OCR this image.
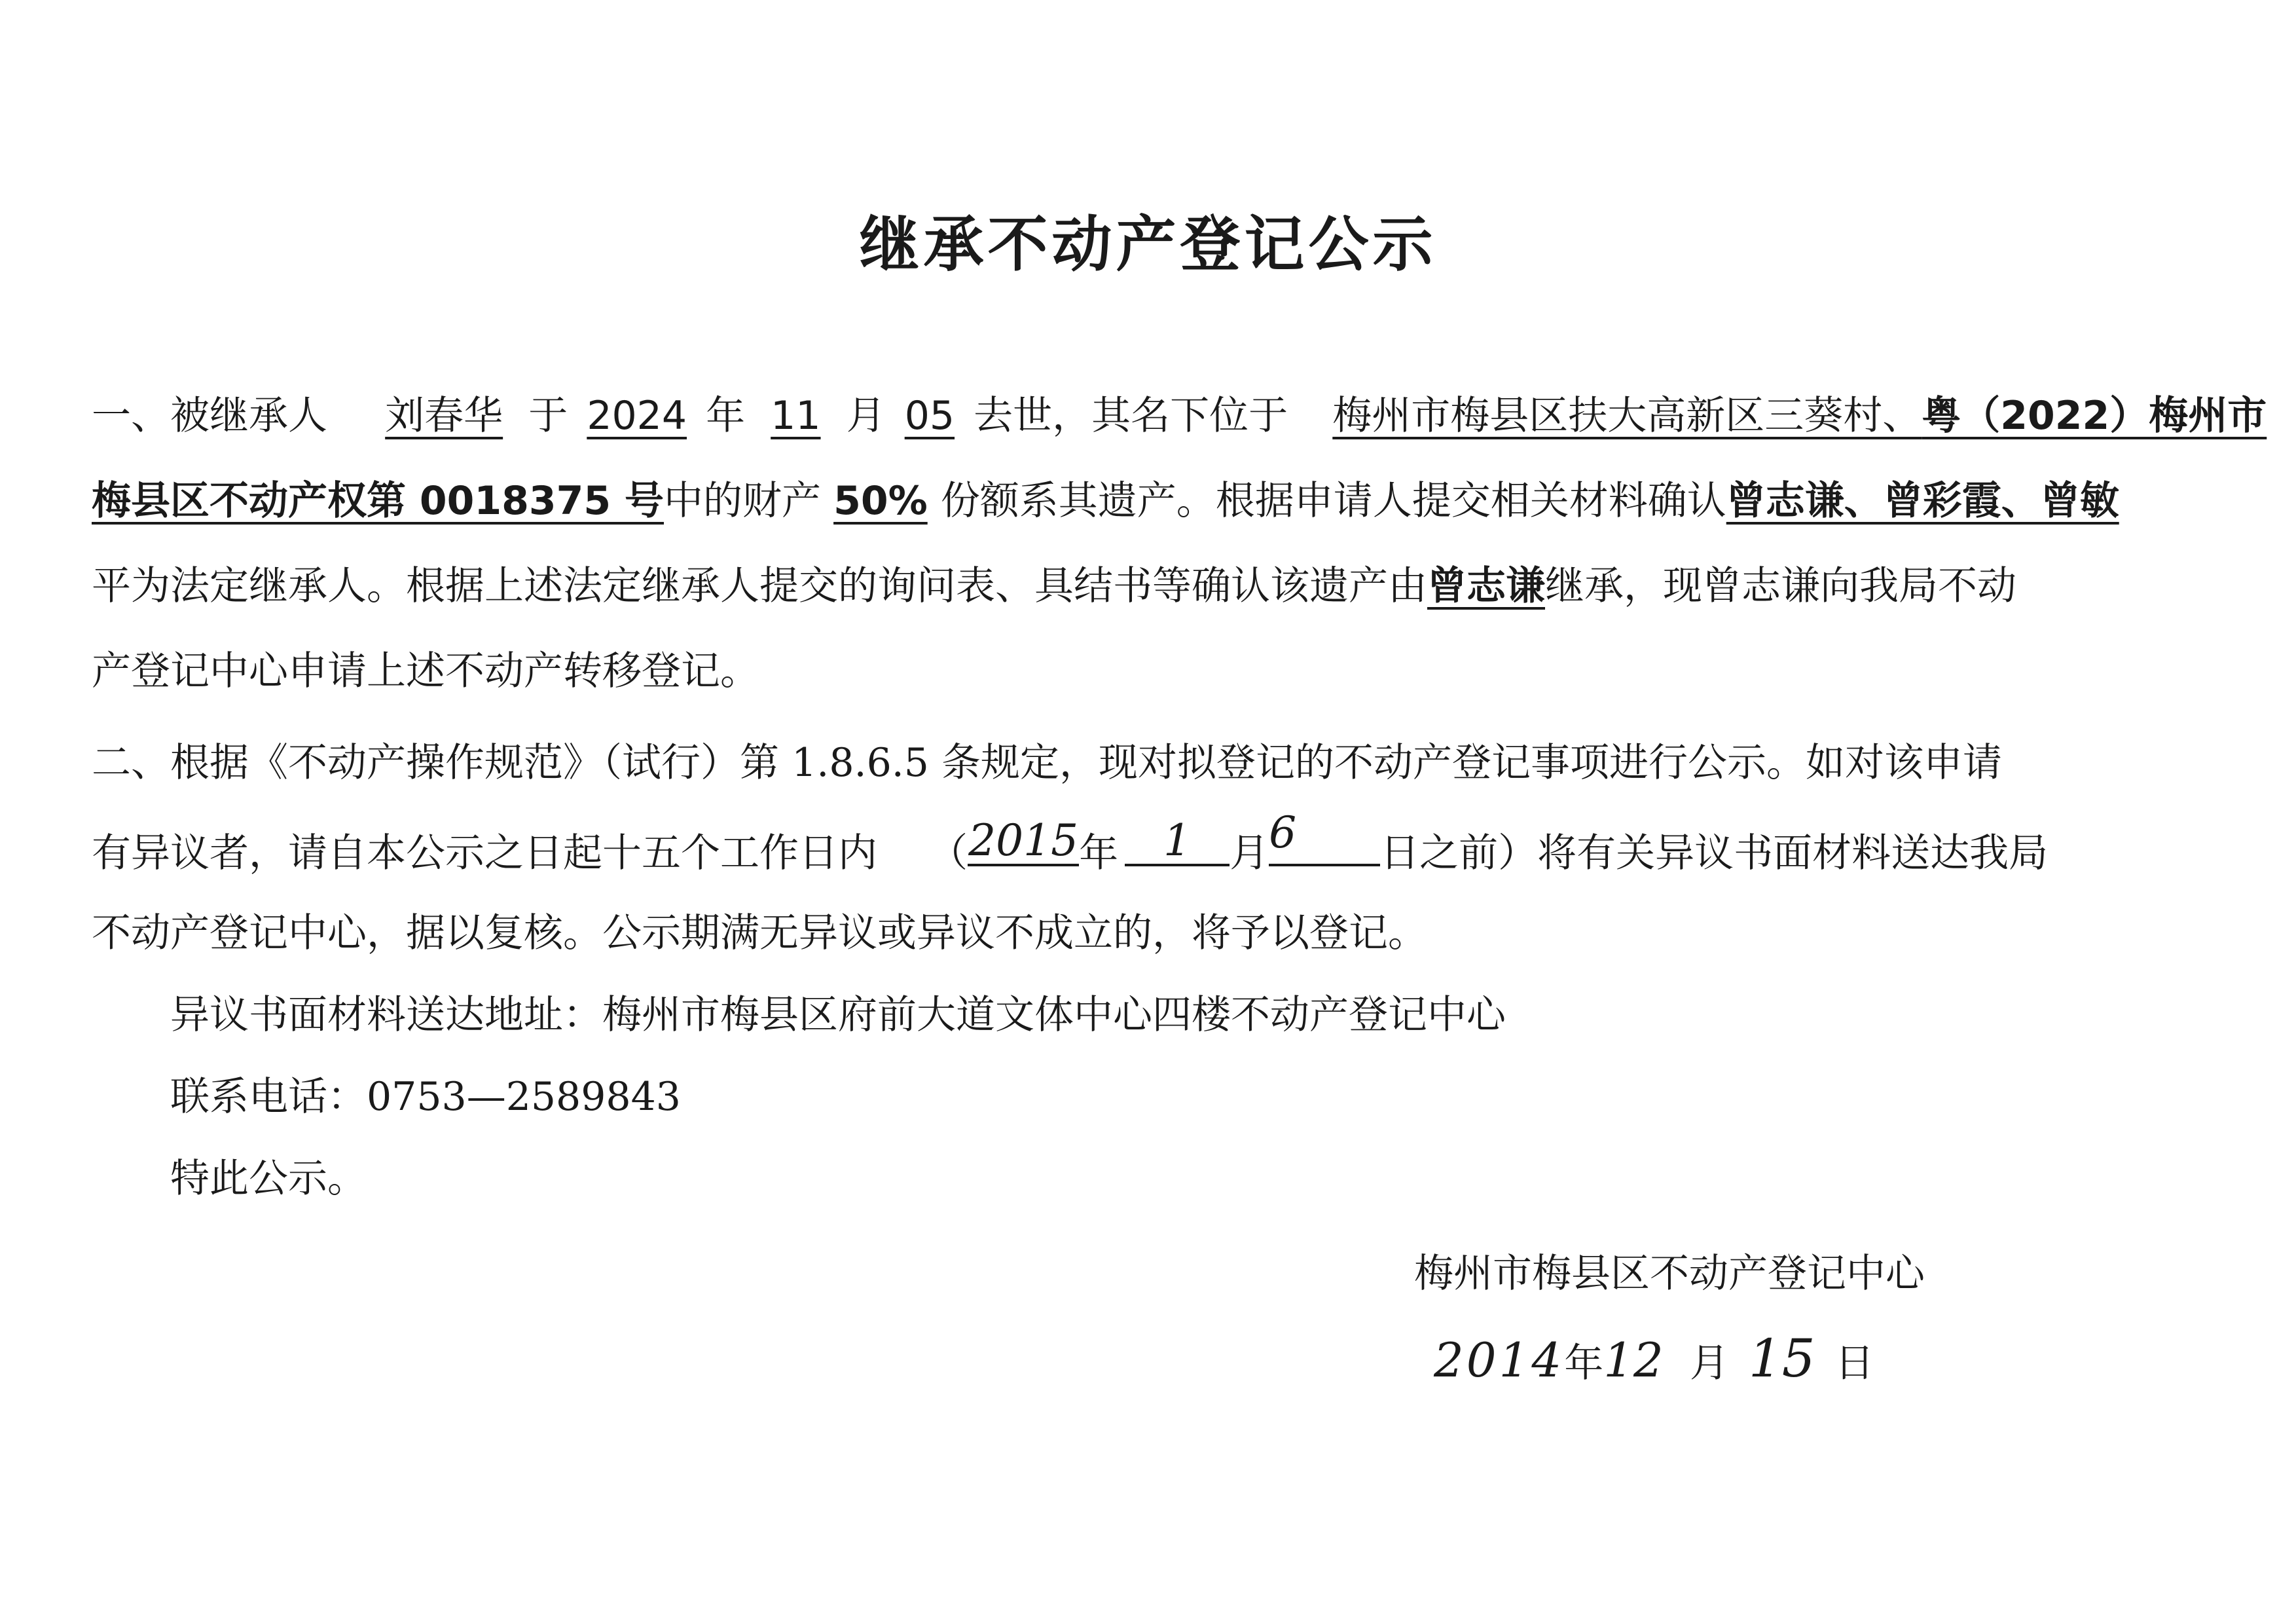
继承不动产登记公示
一、被继承人 刘春华 于 2024 年 11 月 05 去世，其名下位于 梅州市梅县区扶大高新区三葵村、粤（2022）梅州市
梅县区不动产权第 0018375 号中的财产 50% 份额系其遗产。根据申请人提交相关材料确认曾志谦、曾彩霞、曾敏
平为法定继承人。根据上述法定继承人提交的询问表、具结书等确认该遗产由曾志谦继承，现曾志谦向我局不动
产登记中心申请上述不动产转移登记。
二、根据《不动产操作规范》（试行）第 1.8.6.5 条规定，现对拟登记的不动产登记事项进行公示。如对该申请
有异议者，请自本公示之日起十五个工作日内 （ 2015 年	1 月 6	日之前）将有关异议书面材料送达我局
不动产登记中心，据以复核。公示期满无异议或异议不成立的，将予以登记。
异议书面材料送达地址：梅州市梅县区府前大道文体中心四楼不动产登记中心
联系电话：0753—2589843
特此公示。
梅州市梅县区不动产登记中心
2014年12 月 15 日
